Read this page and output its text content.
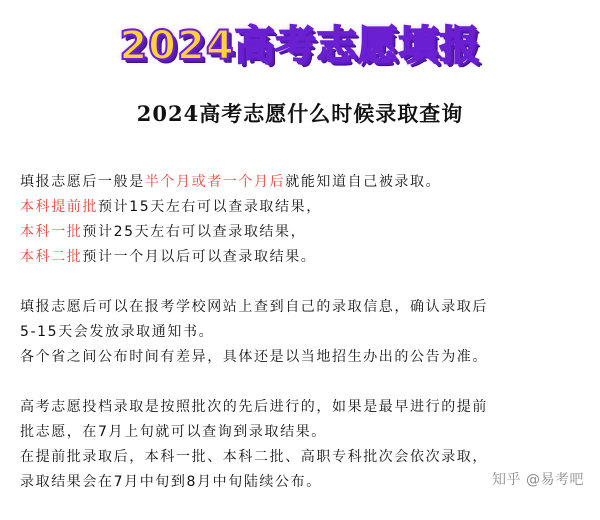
2024高考志愿填报
2024高考志愿什么时候录取查询
填报志愿后一般是半个月或者一个月后就能知道自己被录取。
本科提前批预计15天左右可以查录取结果，
本科一批预计25天左右可以查录取结果，
本科二批预计一个月以后可以查录取结果。
填报志愿后可以在报考学校网站上查到自己的录取信息，确认录取后
5-15天会发放录取通知书。
各个省之间公布时间有差异，具体还是以当地招生办出的公告为准。
高考志愿投档录取是按照批次的先后进行的，如果是最早进行的提前
批志愿，在7月上旬就可以查询到录取结果。
在提前批录取后，本科一批、本科二批、高职专科批次会依次录取，
录取结果会在7月中旬到8月中旬陆续公布。	知乎 @易考吧
